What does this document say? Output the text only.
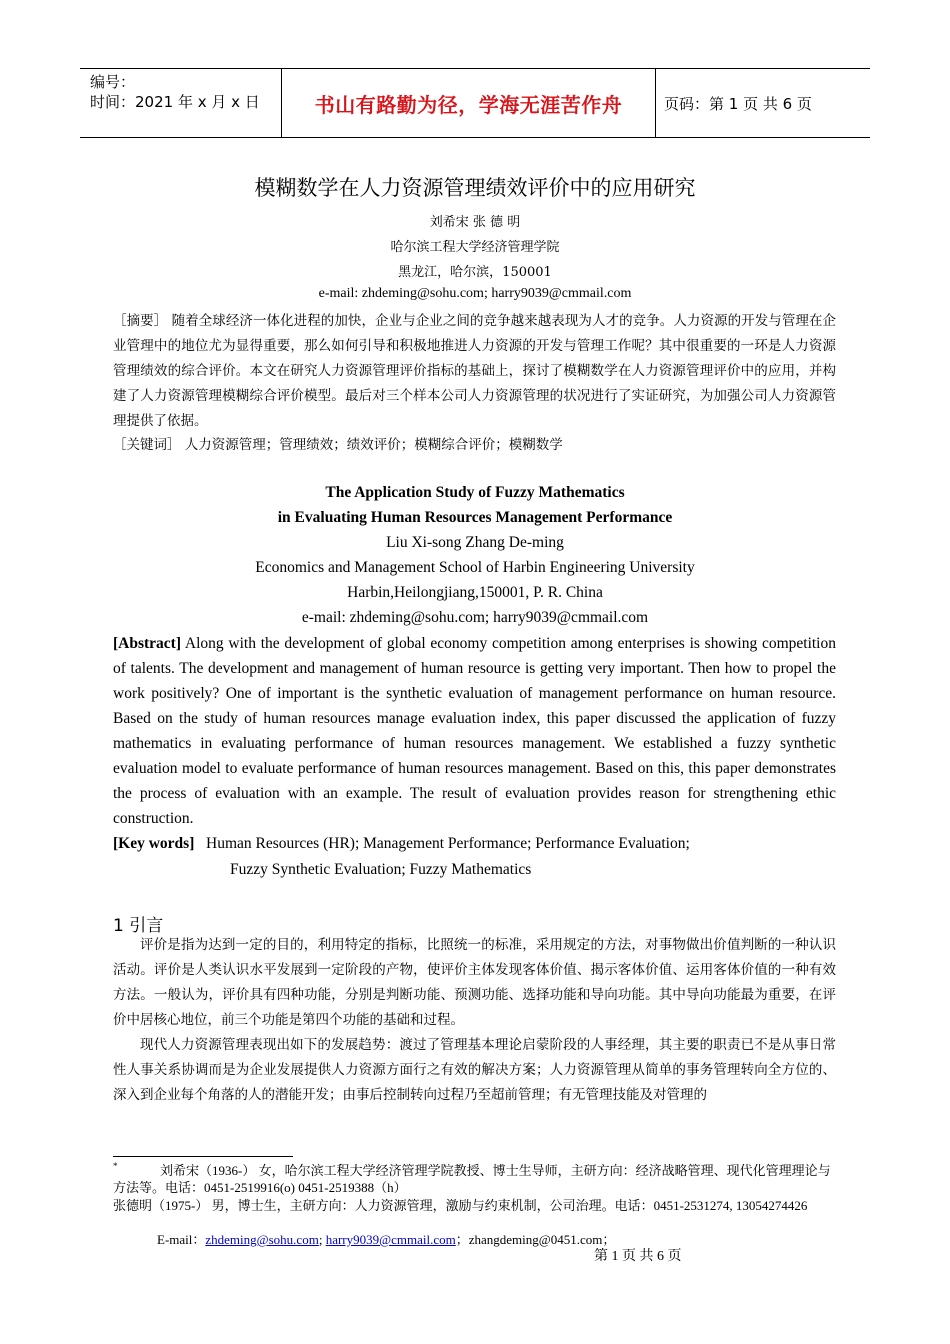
编号：
时间：2021 年 x 月 x 日	书山有路勤为径，学海无涯苦作舟	页码：第 1 页 共 6 页
模糊数学在人力资源管理绩效评价中的应用研究
刘希宋 张 德 明
哈尔滨工程大学经济管理学院
黑龙江，哈尔滨，150001
e-mail: zhdeming@sohu.com; harry9039@cmmail.com
［摘要］ 随着全球经济一体化进程的加快，企业与企业之间的竞争越来越表现为人才的竞争。人力资源的开发与管理在企业管理中的地位尤为显得重要，那么如何引导和积极地推进人力资源的开发与管理工作呢？其中很重要的一环是人力资源管理绩效的综合评价。本文在研究人力资源管理评价指标的基础上，探讨了模糊数学在人力资源管理评价中的应用，并构建了人力资源管理模糊综合评价模型。最后对三个样本公司人力资源管理的状况进行了实证研究，为加强公司人力资源管理提供了依据。
［关键词］ 人力资源管理；管理绩效；绩效评价；模糊综合评价；模糊数学
The Application Study of Fuzzy Mathematics
in Evaluating Human Resources Management Performance
Liu Xi-song Zhang De-ming
Economics and Management School of Harbin Engineering University
Harbin,Heilongjiang,150001, P. R. China
e-mail: zhdeming@sohu.com; harry9039@cmmail.com
[Abstract] Along with the development of global economy competition among enterprises is showing competition of talents. The development and management of human resource is getting very important. Then how to propel the work positively? One of important is the synthetic evaluation of management performance on human resource. Based on the study of human resources manage evaluation index, this paper discussed the application of fuzzy mathematics in evaluating performance of human resources management. We established a fuzzy synthetic evaluation model to evaluate performance of human resources management. Based on this, this paper demonstrates the process of evaluation with an example. The result of evaluation provides reason for strengthening ethic construction.
[Key words] Human Resources (HR); Management Performance; Performance Evaluation;
Fuzzy Synthetic Evaluation; Fuzzy Mathematics
1 引言
评价是指为达到一定的目的，利用特定的指标，比照统一的标准，采用规定的方法，对事物做出价值判断的一种认识活动。评价是人类认识水平发展到一定阶段的产物，使评价主体发现客体价值、揭示客体价值、运用客体价值的一种有效方法。一般认为，评价具有四种功能，分别是判断功能、预测功能、选择功能和导向功能。其中导向功能最为重要，在评价中居核心地位，前三个功能是第四个功能的基础和过程。
现代人力资源管理表现出如下的发展趋势：渡过了管理基本理论启蒙阶段的人事经理，其主要的职责已不是从事日常性人事关系协调而是为企业发展提供人力资源方面行之有效的解决方案；人力资源管理从简单的事务管理转向全方位的、深入到企业每个角落的人的潜能开发；由事后控制转向过程乃至超前管理；有无管理技能及对管理的
*	刘希宋（1936-） 女，哈尔滨工程大学经济管理学院教授、博士生导师，主研方向：经济战略管理、现代化管理理论与方法等。电话：0451-2519916(o) 0451-2519388（h）
张德明（1975-） 男，博士生，主研方向：人力资源管理，激励与约束机制，公司治理。电话：0451-2531274, 13054274426
E-mail：zhdeming@sohu.com; harry9039@cmmail.com；zhangdeming@0451.com；
第 1 页 共 6 页
